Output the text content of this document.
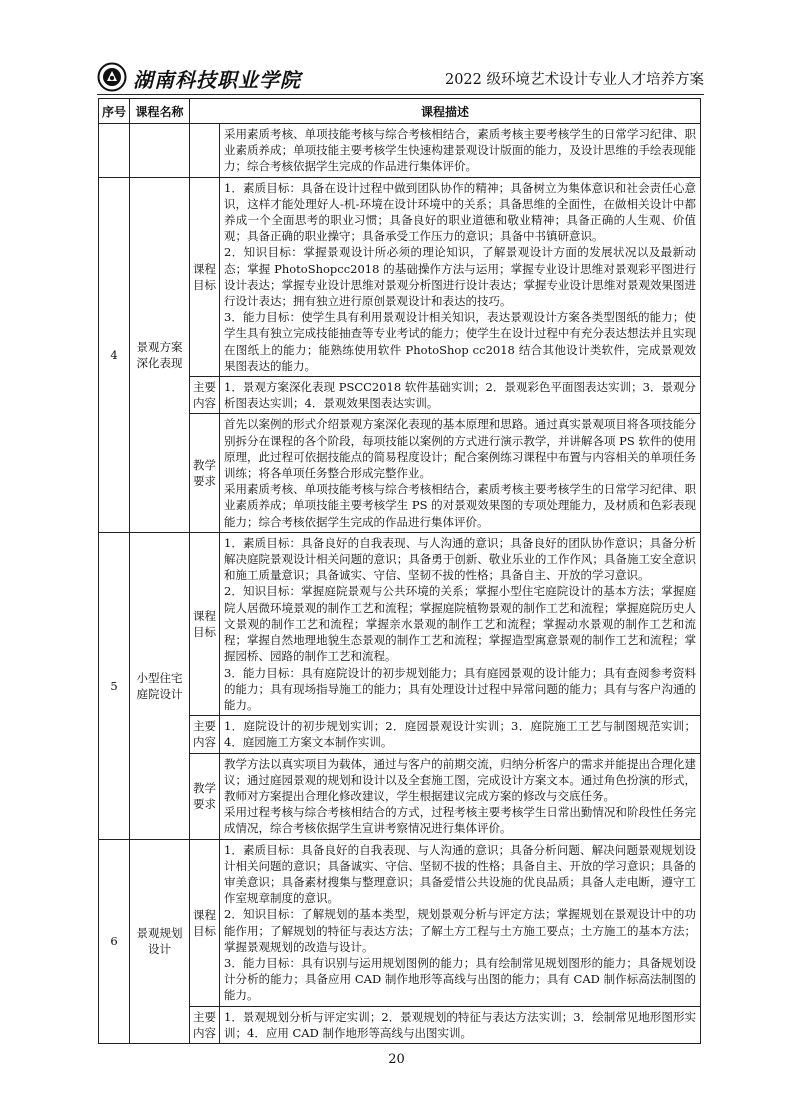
湖南科技职业学院	2022 级环境艺术设计专业人才培养方案
序号	课程名称	课程描述	

			采用素质考核、单项技能考核与综合考核相结合，素质考核主要考核学生的日常学习纪律、职业素质养成；单项技能主要考核学生快速构建景观设计版面的能力，及设计思维的手绘表现能力；综合考核依据学生完成的作品进行集体评价。

4	景观方案深化表现	课程目标	1．素质目标：具备在设计过程中做到团队协作的精神；具备树立为集体意识和社会责任心意识，这样才能处理好人-机-环境在设计环境中的关系；具备思维的全面性，在做相关设计中都养成一个全面思考的职业习惯；具备良好的职业道德和敬业精神；具备正确的人生观、价值观；具备正确的职业操守；具备承受工作压力的意识；具备中书镇研意识。

2．知识目标：掌握景观设计所必须的理论知识，了解景观设计方面的发展状况以及最新动态；掌握 PhotoShopcc2018 的基础操作方法与运用；掌握专业设计思维对景观彩平图进行设计表达；掌握专业设计思维对景观分析图进行设计表达；掌握专业设计思维对景观效果图进行设计表达；拥有独立进行原创景观设计和表达的技巧。

3．能力目标：使学生具有利用景观设计相关知识，表达景观设计方案各类型图纸的能力；使学生具有独立完成技能抽查等专业考试的能力；使学生在设计过程中有充分表达想法并且实现在图纸上的能力；能熟练使用软件 PhotoShop cc2018 结合其他设计类软件，完成景观效果图表达的能力。

		主要内容	1．景观方案深化表现 PSCC2018 软件基础实训；2．景观彩色平面图表达实训；3．景观分析图表达实训；4．景观效果图表达实训。
		教学要求	首先以案例的形式介绍景观方案深化表现的基本原理和思路。通过真实景观项目将各项技能分别拆分在课程的各个阶段，每项技能以案例的方式进行演示教学，并讲解各项 PS 软件的使用原理，此过程可依据技能点的简易程度设计；配合案例练习课程中布置与内容相关的单项任务训练；将各单项任务整合形成完整作业。

采用素质考核、单项技能考核与综合考核相结合，素质考核主要考核学生的日常学习纪律、职业素质养成；单项技能主要考核学生 PS 的对景观效果图的专项处理能力，及材质和色彩表现能力；综合考核依据学生完成的作品进行集体评价。

5	小型住宅庭院设计	课程目标	1．素质目标：具备良好的自我表现、与人沟通的意识；具备良好的团队协作意识；具备分析解决庭院景观设计相关问题的意识；具备勇于创新、敬业乐业的工作作风；具备施工安全意识和施工质量意识；具备诚实、守信、坚韧不拔的性格；具备自主、开放的学习意识。

2．知识目标：掌握庭院景观与公共环境的关系；掌握小型住宅庭院设计的基本方法；掌握庭院人居微环境景观的制作工艺和流程；掌握庭院植物景观的制作工艺和流程；掌握庭院历史人文景观的制作工艺和流程；掌握亲水景观的制作工艺和流程；掌握动水景观的制作工艺和流程；掌握自然地理地貌生态景观的制作工艺和流程；掌握造型寓意景观的制作工艺和流程；掌握园桥、园路的制作工艺和流程。

3．能力目标：具有庭院设计的初步规划能力；具有庭园景观的设计能力；具有查阅参考资料的能力；具有现场指导施工的能力；具有处理设计过程中异常问题的能力；具有与客户沟通的能力。

		主要内容	1．庭院设计的初步规划实训；2．庭园景观设计实训；3．庭院施工工艺与制图规范实训；4．庭园施工方案文本制作实训。
		教学要求	教学方法以真实项目为载体，通过与客户的前期交流，归纳分析客户的需求并能提出合理化建议；通过庭园景观的规划和设计以及全套施工图，完成设计方案文本。通过角色扮演的形式，教师对方案提出合理化修改建议，学生根据建议完成方案的修改与交底任务。

采用过程考核与综合考核相结合的方式，过程考核主要考核学生日常出勤情况和阶段性任务完成情况，综合考核依据学生宣讲考察情况进行集体评价。

6	景观规划设计	课程目标	1．素质目标：具备良好的自我表现、与人沟通的意识；具备分析问题、解决问题景观规划设计相关问题的意识；具备诚实、守信、坚韧不拔的性格；具备自主、开放的学习意识；具备的审美意识；具备素材搜集与整理意识；具备爱惜公共设施的优良品质；具备人走电断，遵守工作室规章制度的意识。

2．知识目标：了解规划的基本类型，规划景观分析与评定方法；掌握规划在景观设计中的功能作用；了解规划的特征与表达方法；了解土方工程与土方施工要点；土方施工的基本方法；掌握景观规划的改造与设计。

3．能力目标：具有识别与运用规划图例的能力；具有绘制常见规划图形的能力；具备规划设计分析的能力；具备应用 CAD 制作地形等高线与出图的能力；具有 CAD 制作标高法制图的能力。

		主要内容	1．景观规划分析与评定实训；2．景观规划的特征与表达方法实训；3．绘制常见地形图形实训；4．应用 CAD 制作地形等高线与出图实训。
20
